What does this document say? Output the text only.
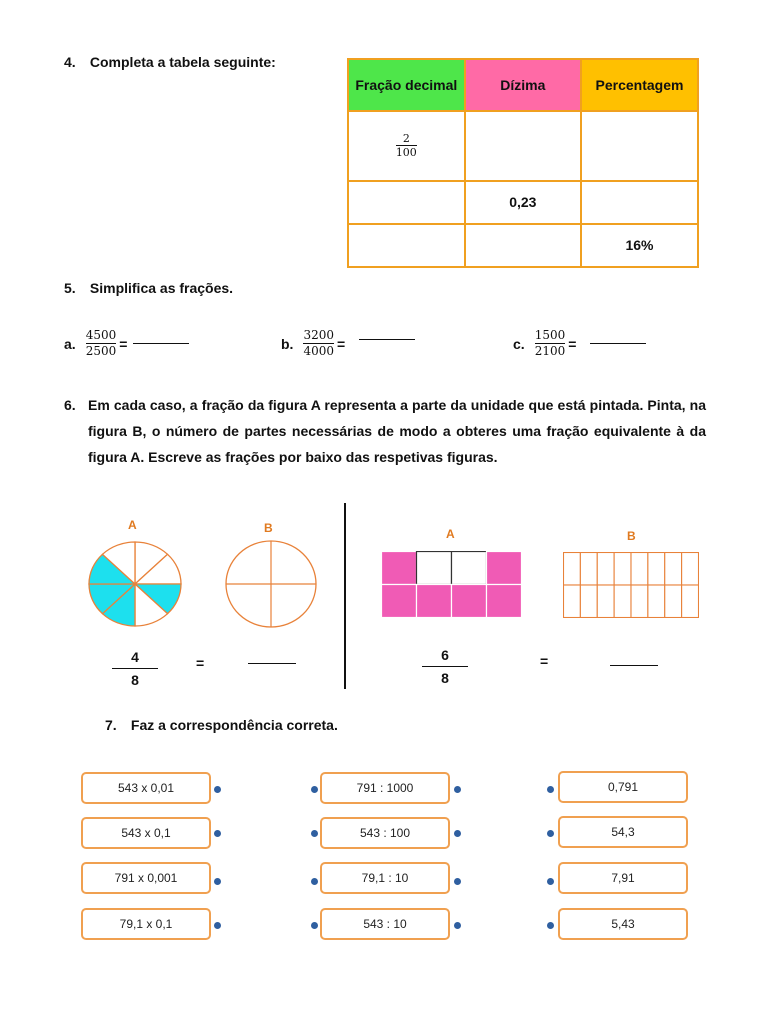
4. Completa a tabela seguinte:
Fração decimal	Dízima	Percentagem

$\frac{2}{100}$

	0,23	
		16%
5. Simplifica as frações.
a. $\frac{4500}{2500}$ =	b. $\frac{3200}{4000}$ =	c. $\frac{1500}{2100}$ =
6. Em cada caso, a fração da figura A representa a parte da unidade que está pintada. Pinta, na figura B, o número de partes necessárias de modo a obteres uma fração equivalente à da figura A. Escreve as frações por baixo das respetivas figuras.
A	B
$\frac{4}{8}$	=
A	B
$\frac{6}{8}$	=
7. Faz a correspondência correta.
543 x 0,01
543 x 0,1
791 x 0,001
79,1 x 0,1
791 : 1000
543 : 100
79,1 : 10
543 : 10
0,791
54,3
7,91
5,43
